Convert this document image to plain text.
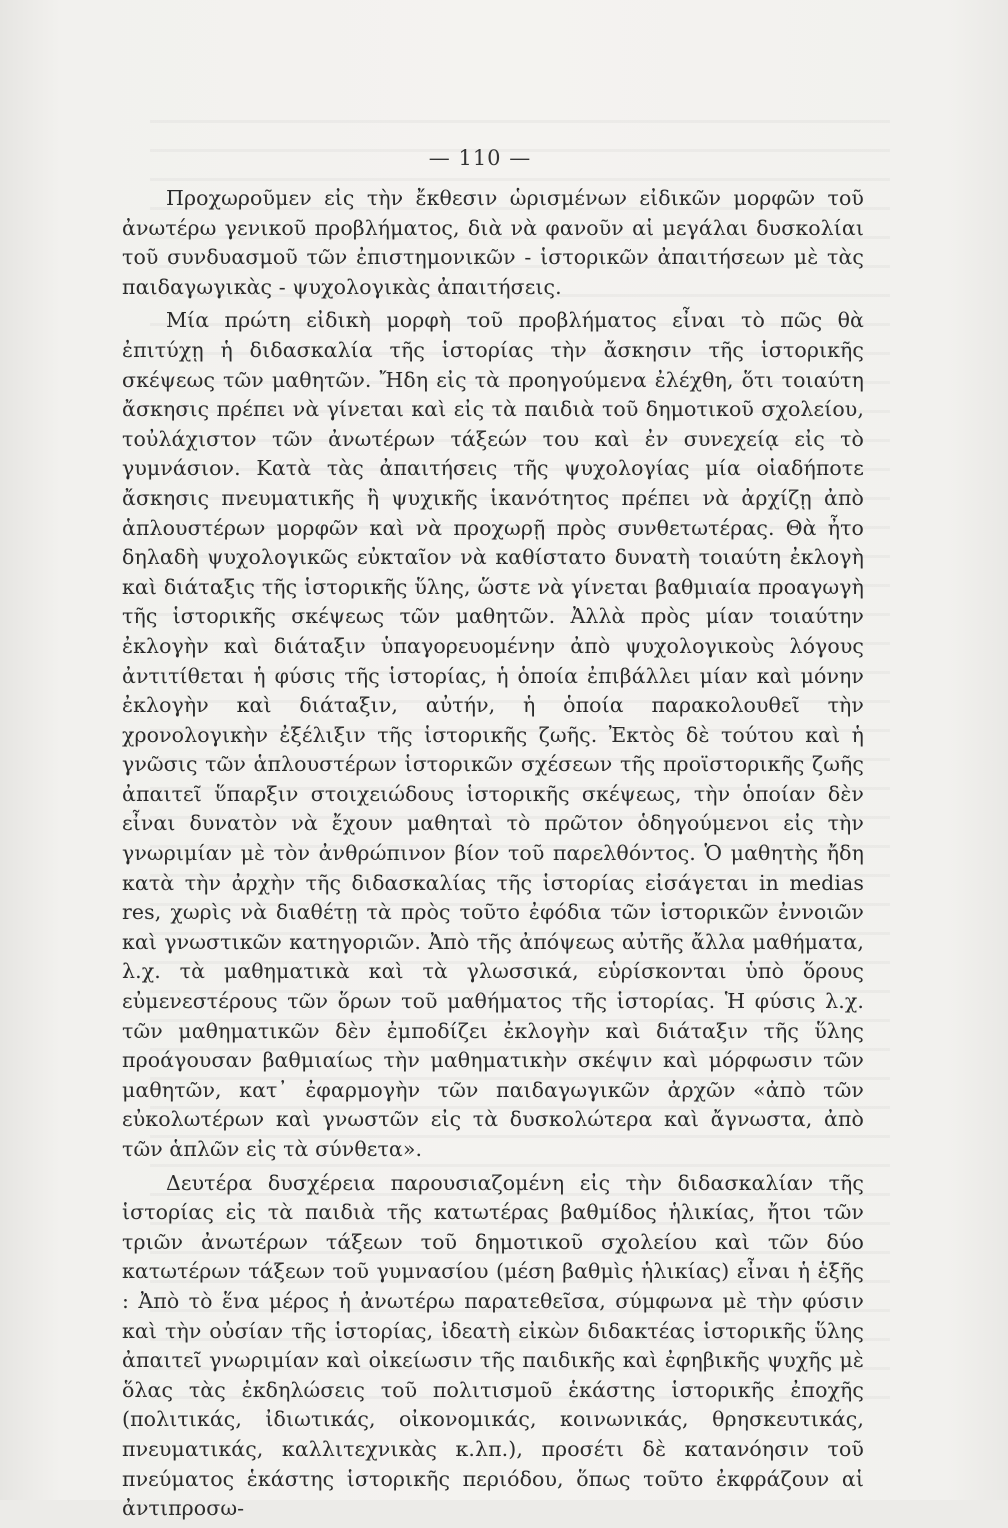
— 110 —

Προχωροῦμεν εἰς τὴν ἔκθεσιν ὡρισμένων εἰδικῶν μορφῶν τοῦ ἀνωτέρω γενικοῦ προβλήματος, διὰ νὰ φανοῦν αἱ μεγάλαι δυσκολίαι τοῦ συνδυασμοῦ τῶν ἐπιστημονικῶν - ἱστορικῶν ἀπαιτήσεων μὲ τὰς παιδαγωγικὰς - ψυχολογικὰς ἀπαιτήσεις.

Μία πρώτη εἰδικὴ μορφὴ τοῦ προβλήματος εἶναι τὸ πῶς θὰ ἐπιτύχῃ ἡ διδασκαλία τῆς ἱστορίας τὴν ἄσκησιν τῆς ἱστορικῆς σκέψεως τῶν μαθητῶν. Ἤδη εἰς τὰ προηγούμενα ἐλέχθη, ὅτι τοιαύτη ἄσκησις πρέπει νὰ γίνεται καὶ εἰς τὰ παιδιὰ τοῦ δημοτικοῦ σχολείου, τοὐλάχιστον τῶν ἀνωτέρων τάξεών του καὶ ἐν συνεχείᾳ εἰς τὸ γυμνάσιον. Κατὰ τὰς ἀπαιτήσεις τῆς ψυχολογίας μία οἱαδήποτε ἄσκησις πνευματικῆς ἢ ψυχικῆς ἱκανότητος πρέπει νὰ ἀρχίζῃ ἀπὸ ἁπλουστέρων μορφῶν καὶ νὰ προχωρῇ πρὸς συνθετωτέρας. Θὰ ἦτο δηλαδὴ ψυχολογικῶς εὐκταῖον νὰ καθίστατο δυνατὴ τοιαύτη ἐκλογὴ καὶ διάταξις τῆς ἱστορικῆς ὕλης, ὥστε νὰ γίνεται βαθμιαία προαγωγὴ τῆς ἱστορικῆς σκέψεως τῶν μαθητῶν. Ἀλλὰ πρὸς μίαν τοιαύτην ἐκλογὴν καὶ διάταξιν ὑπαγορευομένην ἀπὸ ψυχολογικοὺς λόγους ἀντιτίθεται ἡ φύσις τῆς ἱστορίας, ἡ ὁποία ἐπιβάλλει μίαν καὶ μόνην ἐκλογὴν καὶ διάταξιν, αὐτήν, ἡ ὁποία παρακολουθεῖ τὴν χρονολογικὴν ἐξέλιξιν τῆς ἱστορικῆς ζωῆς. Ἐκτὸς δὲ τούτου καὶ ἡ γνῶσις τῶν ἁπλουστέρων ἱστορικῶν σχέσεων τῆς προϊστορικῆς ζωῆς ἀπαιτεῖ ὕπαρξιν στοιχειώδους ἱστορικῆς σκέψεως, τὴν ὁποίαν δὲν εἶναι δυνατὸν νὰ ἔχουν μαθηταὶ τὸ πρῶτον ὁδηγούμενοι εἰς τὴν γνωριμίαν μὲ τὸν ἀνθρώπινον βίον τοῦ παρελθόντος. Ὁ μαθητὴς ἤδη κατὰ τὴν ἀρχὴν τῆς διδασκαλίας τῆς ἱστορίας εἰσάγεται in medias res, χωρὶς νὰ διαθέτῃ τὰ πρὸς τοῦτο ἐφόδια τῶν ἱστορικῶν ἐννοιῶν καὶ γνωστικῶν κατηγοριῶν. Ἀπὸ τῆς ἀπόψεως αὐτῆς ἄλλα μαθήματα, λ.χ. τὰ μαθηματικὰ καὶ τὰ γλωσσικά, εὑρίσκονται ὑπὸ ὅρους εὐμενεστέρους τῶν ὅρων τοῦ μαθήματος τῆς ἱστορίας. Ἡ φύσις λ.χ. τῶν μαθηματικῶν δὲν ἐμποδίζει ἐκλογὴν καὶ διάταξιν τῆς ὕλης προάγουσαν βαθμιαίως τὴν μαθηματικὴν σκέψιν καὶ μόρφωσιν τῶν μαθητῶν, κατ᾿ ἐφαρμογὴν τῶν παιδαγωγικῶν ἀρχῶν «ἀπὸ τῶν εὐκολωτέρων καὶ γνωστῶν εἰς τὰ δυσκολώτερα καὶ ἄγνωστα, ἀπὸ τῶν ἁπλῶν εἰς τὰ σύνθετα».

Δευτέρα δυσχέρεια παρουσιαζομένη εἰς τὴν διδασκαλίαν τῆς ἱστορίας εἰς τὰ παιδιὰ τῆς κατωτέρας βαθμίδος ἡλικίας, ἤτοι τῶν τριῶν ἀνωτέρων τάξεων τοῦ δημοτικοῦ σχολείου καὶ τῶν δύο κατωτέρων τάξεων τοῦ γυμνασίου (μέση βαθμὶς ἡλικίας) εἶναι ἡ ἑξῆς : Ἀπὸ τὸ ἕνα μέρος ἡ ἀνωτέρω παρατεθεῖσα, σύμφωνα μὲ τὴν φύσιν καὶ τὴν οὐσίαν τῆς ἱστορίας, ἰδεατὴ εἰκὼν διδακτέας ἱστορικῆς ὕλης ἀπαιτεῖ γνωριμίαν καὶ οἰκείωσιν τῆς παιδικῆς καὶ ἐφηβικῆς ψυχῆς μὲ ὅλας τὰς ἐκδηλώσεις τοῦ πολιτισμοῦ ἑκάστης ἱστορικῆς ἐποχῆς (πολιτικάς, ἰδιωτικάς, οἰκονομικάς, κοινωνικάς, θρησκευτικάς, πνευματικάς, καλλιτεχνικὰς κ.λπ.), προσέτι δὲ κατανόησιν τοῦ πνεύματος ἑκάστης ἱστορικῆς περιόδου, ὅπως τοῦτο ἐκφράζουν αἱ ἀντιπροσω-
